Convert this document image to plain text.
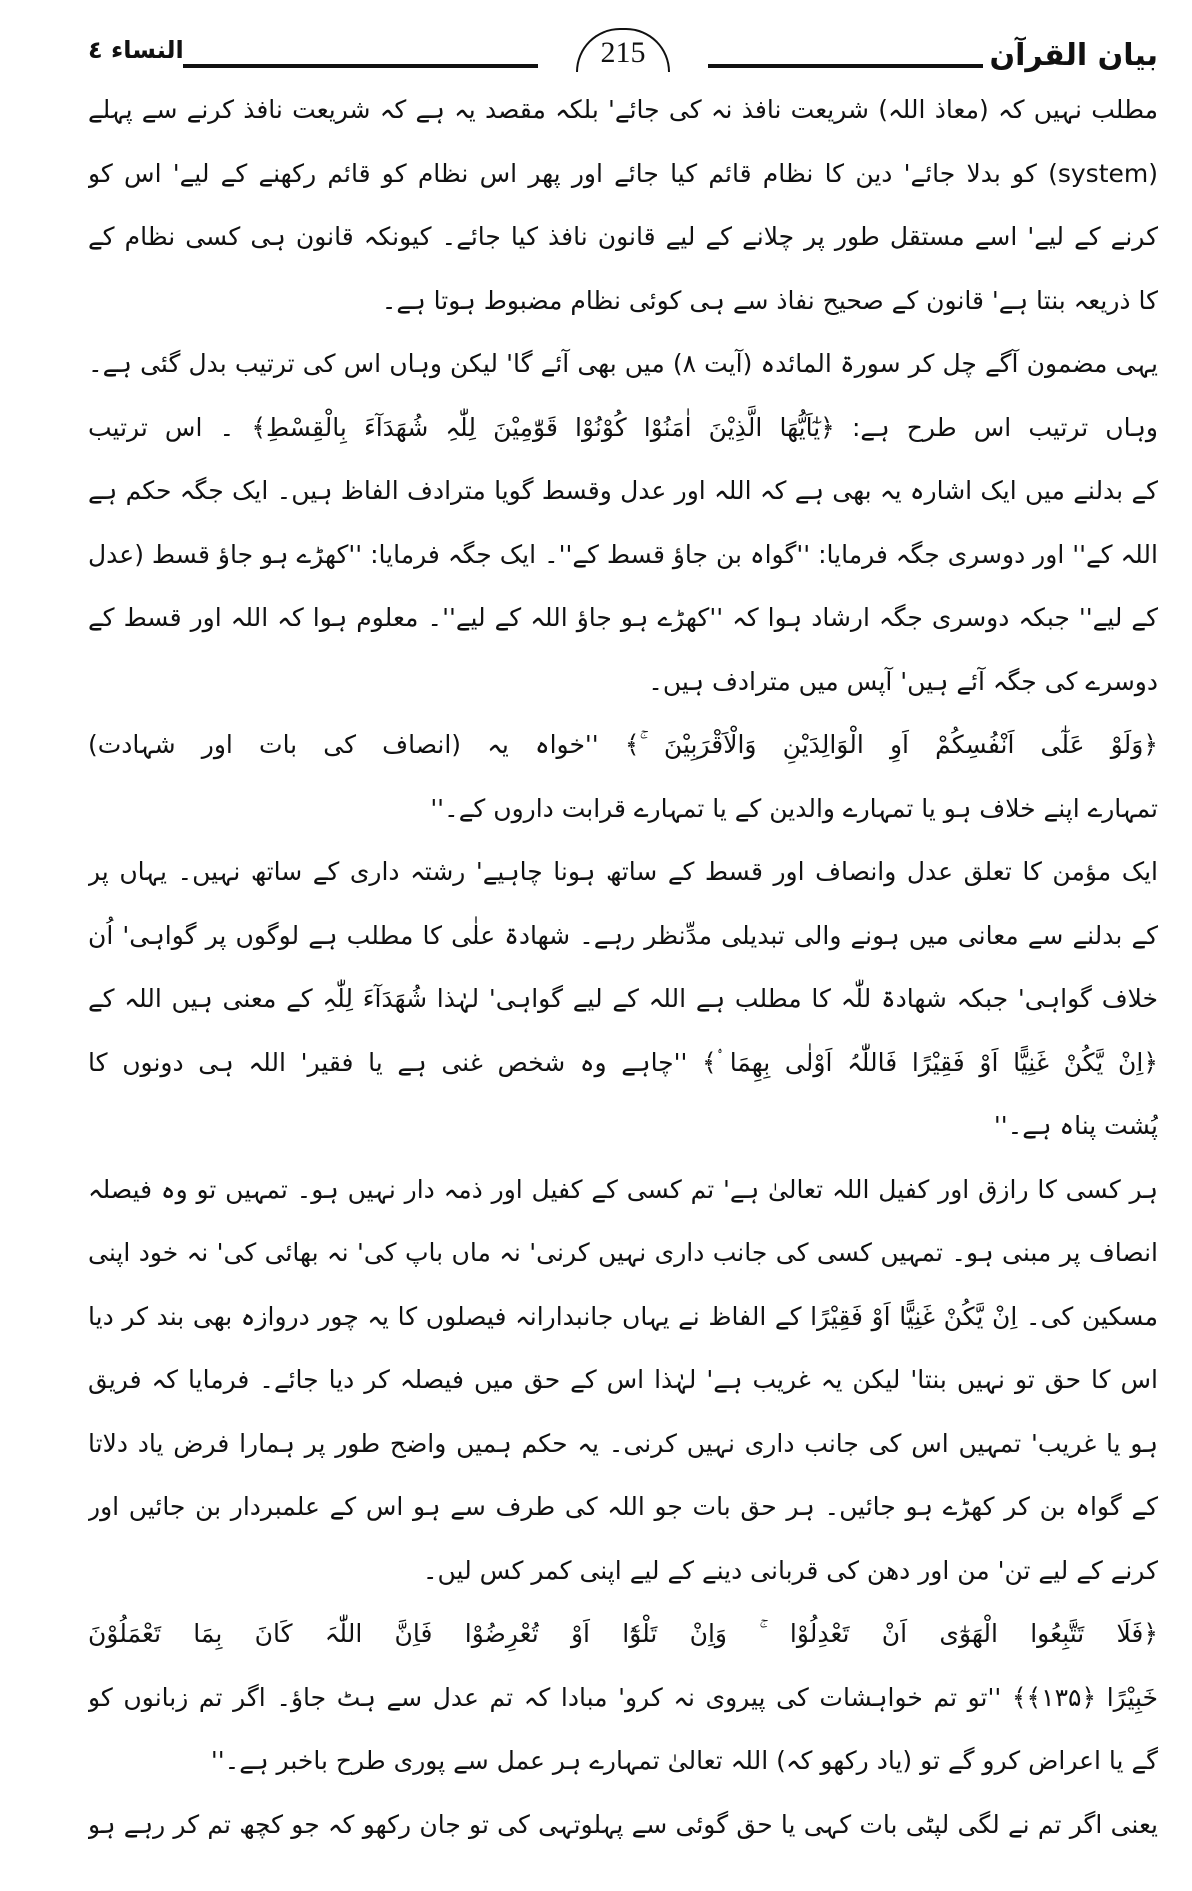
بیان القرآن
215
النساء ٤
مطلب نہیں کہ (معاذ اللہ) شریعت نافذ نہ کی جائے' بلکہ مقصد یہ ہے کہ شریعت نافذ کرنے سے پہلے
(system) کو بدلا جائے' دین کا نظام قائم کیا جائے اور پھر اس نظام کو قائم رکھنے کے لیے' اس کو
کرنے کے لیے' اسے مستقل طور پر چلانے کے لیے قانون نافذ کیا جائے۔ کیونکہ قانون ہی کسی نظام کے
کا ذریعہ بنتا ہے' قانون کے صحیح نفاذ سے ہی کوئی نظام مضبوط ہوتا ہے۔
یہی مضمون آگے چل کر سورۃ المائدہ (آیت ۸) میں بھی آئے گا' لیکن وہاں اس کی ترتیب بدل گئی ہے۔
وہاں ترتیب اس طرح ہے: ﴿یٰٓاَیُّھَا الَّذِیْنَ اٰمَنُوْا کُوْنُوْا قَوّٰمِیْنَ لِلّٰہِ شُھَدَآءَ بِالْقِسْطِ﴾ ۔ اس ترتیب
کے بدلنے میں ایک اشارہ یہ بھی ہے کہ اللہ اور عدل وقسط گویا مترادف الفاظ ہیں۔ ایک جگہ حکم ہے
اللہ کے'' اور دوسری جگہ فرمایا: ''گواہ بن جاؤ قسط کے''۔ ایک جگہ فرمایا: ''کھڑے ہو جاؤ قسط (عدل
کے لیے'' جبکہ دوسری جگہ ارشاد ہوا کہ ''کھڑے ہو جاؤ اللہ کے لیے''۔ معلوم ہوا کہ اللہ اور قسط کے
دوسرے کی جگہ آئے ہیں' آپس میں مترادف ہیں۔
﴿وَلَوْ عَلٰٓی اَنْفُسِکُمْ اَوِ الْوَالِدَیْنِ وَالْاَقْرَبِیْنَ ۚ﴾ ''خواہ یہ (انصاف کی بات اور شہادت)
تمہارے اپنے خلاف ہو یا تمہارے والدین کے یا تمہارے قرابت داروں کے۔''
ایک مؤمن کا تعلق عدل وانصاف اور قسط کے ساتھ ہونا چاہیے' رشتہ داری کے ساتھ نہیں۔ یہاں پر
کے بدلنے سے معانی میں ہونے والی تبدیلی مدِّنظر رہے۔ شھادۃ علٰی کا مطلب ہے لوگوں پر گواہی' اُن
خلاف گواہی' جبکہ شھادۃ للّٰہ کا مطلب ہے اللہ کے لیے گواہی' لہٰذا شُھَدَآءَ لِلّٰہِ کے معنی ہیں اللہ کے
﴿اِنْ یَّکُنْ غَنِیًّا اَوْ فَقِیْرًا فَاللّٰہُ اَوْلٰی بِھِمَا ۟﴾ ''چاہے وہ شخص غنی ہے یا فقیر' اللہ ہی دونوں کا
پُشت پناہ ہے۔''
ہر کسی کا رازق اور کفیل اللہ تعالیٰ ہے' تم کسی کے کفیل اور ذمہ دار نہیں ہو۔ تمہیں تو وہ فیصلہ
انصاف پر مبنی ہو۔ تمہیں کسی کی جانب داری نہیں کرنی' نہ ماں باپ کی' نہ بھائی کی' نہ خود اپنی
مسکین کی۔ اِنْ یَّکُنْ غَنِیًّا اَوْ فَقِیْرًا کے الفاظ نے یہاں جانبدارانہ فیصلوں کا یہ چور دروازہ بھی بند کر دیا
اس کا حق تو نہیں بنتا' لیکن یہ غریب ہے' لہٰذا اس کے حق میں فیصلہ کر دیا جائے۔ فرمایا کہ فریق
ہو یا غریب' تمہیں اس کی جانب داری نہیں کرنی۔ یہ حکم ہمیں واضح طور پر ہمارا فرض یاد دلاتا
کے گواہ بن کر کھڑے ہو جائیں۔ ہر حق بات جو اللہ کی طرف سے ہو اس کے علمبردار بن جائیں اور
کرنے کے لیے تن' من اور دھن کی قربانی دینے کے لیے اپنی کمر کس لیں۔
﴿فَلَا تَتَّبِعُوا الْھَوٰٓی اَنْ تَعْدِلُوْا ۚ وَاِنْ تَلْوٗٓا اَوْ تُعْرِضُوْا فَاِنَّ اللّٰہَ کَانَ بِمَا تَعْمَلُوْنَ
خَبِیْرًا ﴿۱۳۵﴾﴾ ''تو تم خواہشات کی پیروی نہ کرو' مبادا کہ تم عدل سے ہٹ جاؤ۔ اگر تم زبانوں کو
گے یا اعراض کرو گے تو (یاد رکھو کہ) اللہ تعالیٰ تمہارے ہر عمل سے پوری طرح باخبر ہے۔''
یعنی اگر تم نے لگی لپٹی بات کہی یا حق گوئی سے پہلوتہی کی تو جان رکھو کہ جو کچھ تم کر رہے ہو
